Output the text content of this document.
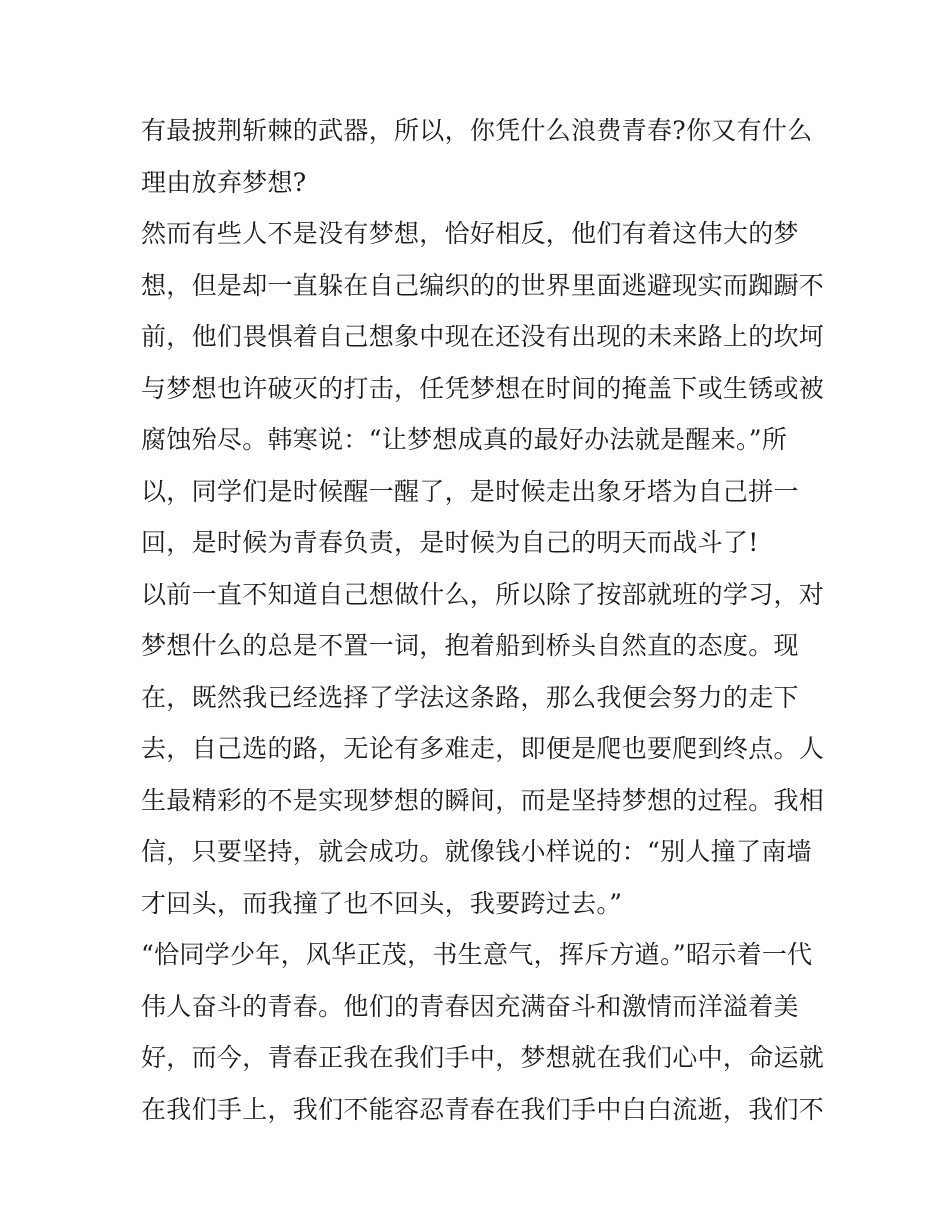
有最披荆斩棘的武器，所以，你凭什么浪费青春?你又有什么
理由放弃梦想?
然而有些人不是没有梦想，恰好相反，他们有着这伟大的梦
想，但是却一直躲在自己编织的的世界里面逃避现实而踟蹰不
前，他们畏惧着自己想象中现在还没有出现的未来路上的坎坷
与梦想也许破灭的打击，任凭梦想在时间的掩盖下或生锈或被
腐蚀殆尽。韩寒说：“让梦想成真的最好办法就是醒来。”所
以，同学们是时候醒一醒了，是时候走出象牙塔为自己拼一
回，是时候为青春负责，是时候为自己的明天而战斗了!
以前一直不知道自己想做什么，所以除了按部就班的学习，对
梦想什么的总是不置一词，抱着船到桥头自然直的态度。现
在，既然我已经选择了学法这条路，那么我便会努力的走下
去，自己选的路，无论有多难走，即便是爬也要爬到终点。人
生最精彩的不是实现梦想的瞬间，而是坚持梦想的过程。我相
信，只要坚持，就会成功。就像钱小样说的：“别人撞了南墙
才回头，而我撞了也不回头，我要跨过去。”
“恰同学少年，风华正茂，书生意气，挥斥方遒。”昭示着一代
伟人奋斗的青春。他们的青春因充满奋斗和激情而洋溢着美
好，而今，青春正我在我们手中，梦想就在我们心中，命运就
在我们手上，我们不能容忍青春在我们手中白白流逝，我们不
